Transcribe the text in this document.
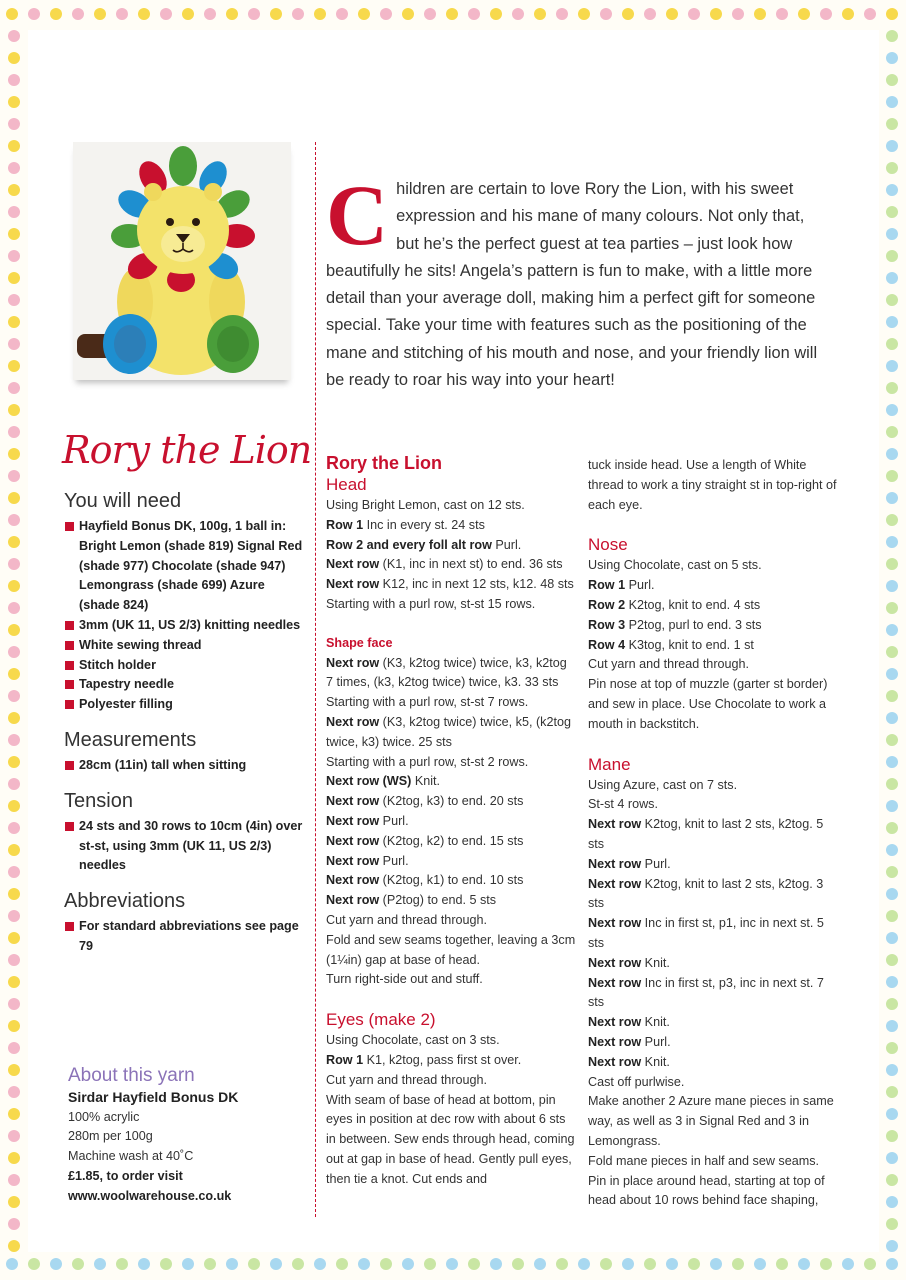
C hildren are certain to love Rory the Lion, with his sweet expression and his mane of many colours. Not only that, but he’s the perfect guest at tea parties – just look how beautifully he sits! Angela’s pattern is fun to make, with a little more detail than your average doll, making him a perfect gift for someone special. Take your time with features such as the positioning of the mane and stitching of his mouth and nose, and your friendly lion will be ready to roar his way into your heart!
Rory the Lion
You will need
Hayfield Bonus DK, 100g, 1 ball in: Bright Lemon (shade 819) Signal Red (shade 977) Chocolate (shade 947) Lemongrass (shade 699) Azure (shade 824)
3mm (UK 11, US 2/3) knitting needles
White sewing thread
Stitch holder
Tapestry needle
Polyester filling
Measurements
28cm (11in) tall when sitting
Tension
24 sts and 30 rows to 10cm (4in) over st-st, using 3mm (UK 11, US 2/3) needles
Abbreviations
For standard abbreviations see page 79
About this yarn
Sirdar Hayfield Bonus DK
100% acrylic
280m per 100g
Machine wash at 40˚C
£1.85, to order visit
www.woolwarehouse.co.uk
Rory the Lion
Head
Using Bright Lemon, cast on 12 sts.
Row 1 Inc in every st. 24 sts
Row 2 and every foll alt row Purl.
Next row (K1, inc in next st) to end. 36 sts
Next row K12, inc in next 12 sts, k12. 48 sts
Starting with a purl row, st-st 15 rows.
Shape face
Next row (K3, k2tog twice) twice, k3, k2tog 7 times, (k3, k2tog twice) twice, k3. 33 sts
Starting with a purl row, st-st 7 rows.
Next row (K3, k2tog twice) twice, k5, (k2tog twice, k3) twice. 25 sts
Starting with a purl row, st-st 2 rows.
Next row (WS) Knit.
Next row (K2tog, k3) to end. 20 sts
Next row Purl.
Next row (K2tog, k2) to end. 15 sts
Next row Purl.
Next row (K2tog, k1) to end. 10 sts
Next row (P2tog) to end. 5 sts
Cut yarn and thread through.
Fold and sew seams together, leaving a 3cm (1¼in) gap at base of head.
Turn right-side out and stuff.
Eyes (make 2)
Using Chocolate, cast on 3 sts.
Row 1 K1, k2tog, pass first st over.
Cut yarn and thread through.
With seam of base of head at bottom, pin eyes in position at dec row with about 6 sts in between. Sew ends through head, coming out at gap in base of head. Gently pull eyes, then tie a knot. Cut ends and
tuck inside head. Use a length of White thread to work a tiny straight st in top-right of each eye.
Nose
Using Chocolate, cast on 5 sts.
Row 1 Purl.
Row 2 K2tog, knit to end. 4 sts
Row 3 P2tog, purl to end. 3 sts
Row 4 K3tog, knit to end. 1 st
Cut yarn and thread through.
Pin nose at top of muzzle (garter st border) and sew in place. Use Chocolate to work a mouth in backstitch.
Mane
Using Azure, cast on 7 sts.
St-st 4 rows.
Next row K2tog, knit to last 2 sts, k2tog. 5 sts
Next row Purl.
Next row K2tog, knit to last 2 sts, k2tog. 3 sts
Next row Inc in first st, p1, inc in next st. 5 sts
Next row Knit.
Next row Inc in first st, p3, inc in next st. 7 sts
Next row Knit.
Next row Purl.
Next row Knit.
Cast off purlwise.
Make another 2 Azure mane pieces in same way, as well as 3 in Signal Red and 3 in Lemongrass.
Fold mane pieces in half and sew seams. Pin in place around head, starting at top of head about 10 rows behind face shaping,
